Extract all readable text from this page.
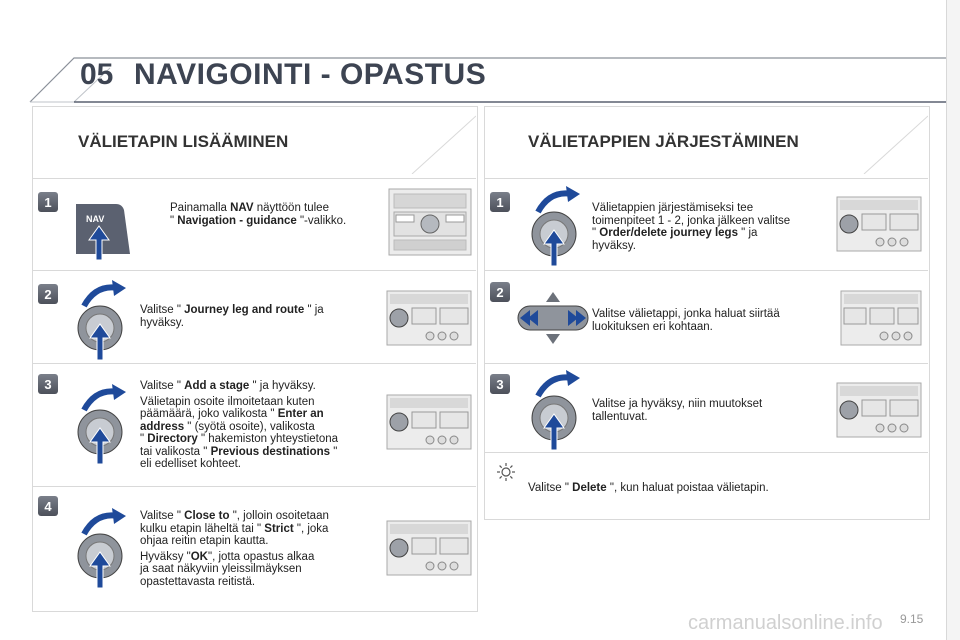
05 NAVIGOINTI - OPASTUS
VÄLIETAPIN LISÄÄMINEN
1
NAV
Painamalla NAV näyttöön tulee
" Navigation - guidance "-valikko.
2
Valitse " Journey leg and route " ja
hyväksy.
3	Valitse " Add a stage " ja hyväksy.
Välietapin osoite ilmoitetaan kuten
päämäärä, joko valikosta " Enter an
address " (syötä osoite), valikosta
" Directory " hakemiston yhteystietona
tai valikosta " Previous destinations "
eli edelliset kohteet.
4
Valitse " Close to ", jolloin osoitetaan
kulku etapin läheltä tai " Strict ", joka
ohjaa reitin etapin kautta.
Hyväksy "OK", jotta opastus alkaa
ja saat näkyviin yleissilmäyksen
opastettavasta reitistä.
VÄLIETAPPIEN JÄRJESTÄMINEN
1	Välietappien järjestämiseksi tee
toimenpiteet 1 - 2, jonka jälkeen valitse
" Order/delete journey legs " ja
hyväksy.
2
Valitse välietappi, jonka haluat siirtää
luokituksen eri kohtaan.
3
Valitse ja hyväksy, niin muutokset
tallentuvat.
Valitse " Delete ", kun haluat poistaa välietapin.
9.15
carmanualsonline.info
